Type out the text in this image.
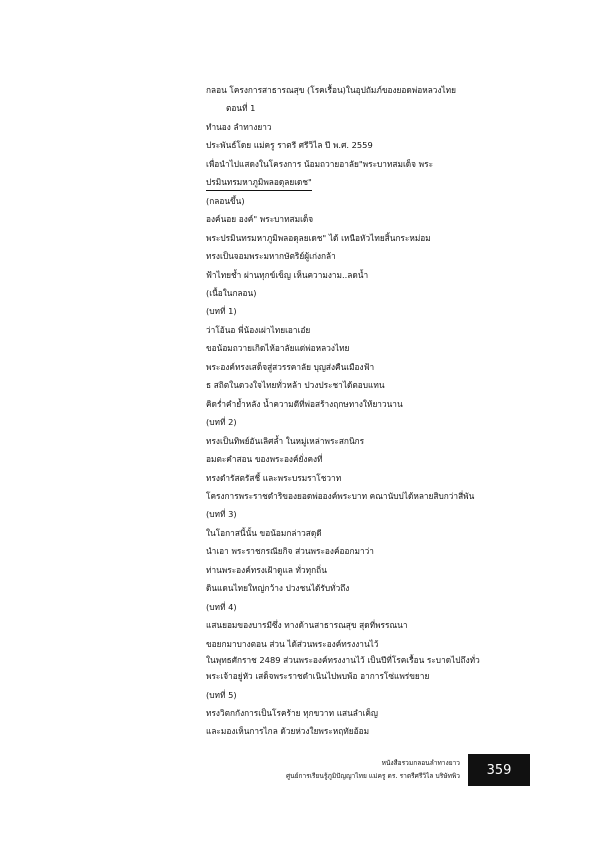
กลอน โครงการสาธารณสุข (โรคเรื้อน)ในอุปถัมภ์ของยอดพ่อหลวงไทย
ตอนที่ 1
ทำนอง ลำทางยาว
ประพันธ์โดย แม่ครู ราตรี ศรีวิไล ปี พ.ศ. 2559
เพื่อนำไปแสดงในโครงการ น้อมถวายอาลัย"พระบาทสมเด็จ พระ
ปรมินทรมหาภูมิพลอดุลยเดช"
(กลอนขึ้น)
องค์นอย องค์" พระบาทสมเด็จ
พระปรมินทรมหาภูมิพลอดุลยเดช" ได้ เหนือหัวไทยสิ้นกระหม่อม
ทรงเป็นจอมพระมหากษัตริย์ผู้เก่งกล้า
ฟ้าไทยช้ำ ผ่านทุกข์เข็ญ เห็นความงาม..ลดน้ำ
(เนื้อในกลอน)
(บทที่ 1)
ว่าโอ้นอ พี่น้องเผ่าไทยเอาเอ๋ย
ขอน้อมถวายเกิดไห้อาลัยแด่พ่อหลวงไทย
พระองค์ทรงเสด็จสู่สวรรคาลัย บุญส่งคืนเมืองฟ้า
ธ สถิตในดวงใจไทยทั่วหล้า ปวงประชาได้ตอบแทน
คิดร่ำคำย้ำหลัง น้ำความดีที่พ่อสร้างฤกษทางให้ยาวนาน
(บทที่ 2)
ทรงเป็นทิพย์อันเลิศล้ำ ในหมู่เหล่าพระสกนิกร
อมตะคำสอน ของพระองค์ยั่งคงที่
ทรงดำรัสตรัสชี้ และพระบรมราโชวาท
โครงการพระราชดำริของยอดพ่อองค์พระบาท คณานับบ่ได้หลายสิบกว่าสี่พัน
(บทที่ 3)
ในโอกาสนี้นั้น ขอน้อมกล่าวสดุดี
นำเอา พระราชกรณียกิจ ส่วนพระองค์ออกมาว่า
ท่านพระองค์ทรงเฝ้าดูแล ทั่วทุกถิ่น
ดินแดนไทยใหญ่กว้าง ปวงชนได้รับทั่วถึง
(บทที่ 4)
แสนยอมของบารมีซึ่ง ทางด้านสาธารณสุข สุดที่พรรณนา
ขอยกมาบางตอน ส่วน ได้ส่วนพระองค์ทรงงานไว้
ในพุทธศักราช 2489 ส่วนพระองค์ทรงงานไว้ เป็นปีที่โรคเรื้อน ระบาดไปถึงทั่ว
พระเจ้าอยู่หัว เสด็จพระราชดำเนินไปพบพ้อ อาการโซ่แพร่ขยาย
(บทที่ 5)
ทรงวิตกกังการเป็นโรคร้าย ทุกขวาท แสนลำเค็ญ
และมองเห็นการไกล ด้วยห่วงใยพระหฤทัยอ้อม
หนังสือรวมกลอนลำทางยาว
ศูนย์การเรียนรู้ภูมิปัญญาไทย แม่ครู ดร. ราตรีศรีวิไล บริษัทพิว	359
